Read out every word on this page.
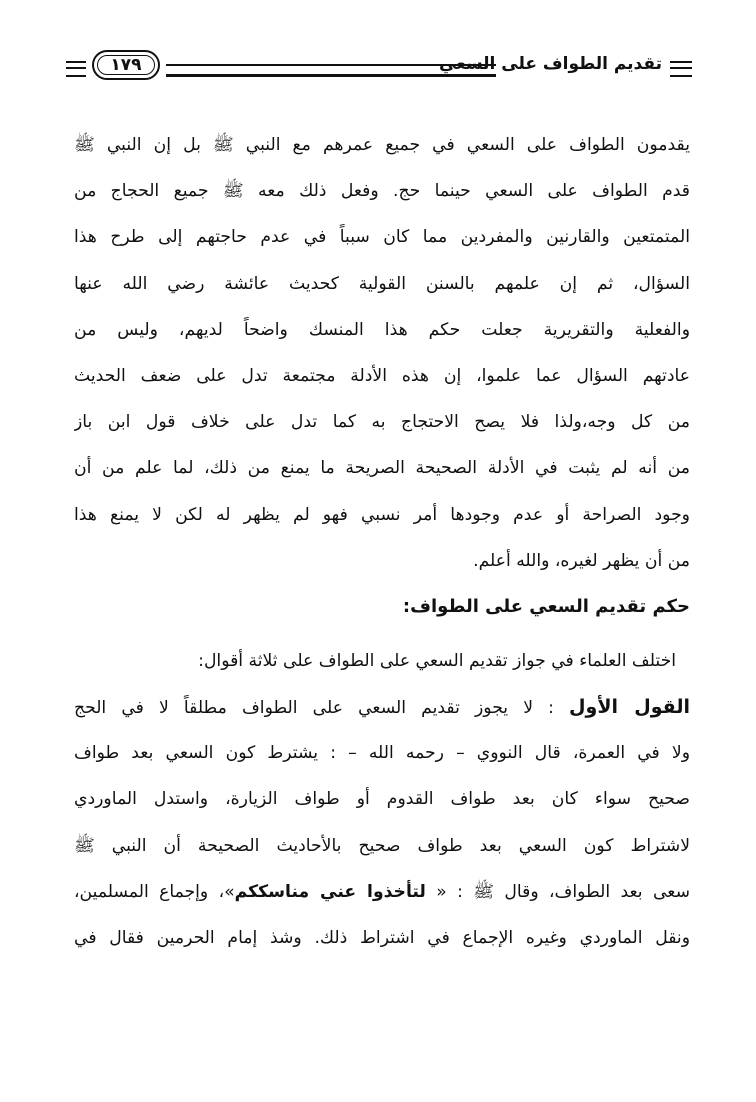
تقديم الطواف على السعي
١٧٩
يقدمون الطواف على السعي في جميع عمرهم مع النبي ﷺ بل إن النبي ﷺ
قدم الطواف على السعي حينما حج. وفعل ذلك معه ﷺ جميع الحجاج من
المتمتعين والقارنين والمفردين مما كان سبباً في عدم حاجتهم إلى طرح هذا
السؤال، ثم إن علمهم بالسنن القولية كحديث عائشة رضي الله عنها
والفعلية والتقريرية جعلت حكم هذا المنسك واضحاً لديهم، وليس من
عادتهم السؤال عما علموا، إن هذه الأدلة مجتمعة تدل على ضعف الحديث
من كل وجه،ولذا فلا يصح الاحتجاج به كما تدل على خلاف قول ابن باز
من أنه لم يثبت في الأدلة الصحيحة الصريحة ما يمنع من ذلك، لما علم من أن
وجود الصراحة أو عدم وجودها أمر نسبي فهو لم يظهر له لكن لا يمنع هذا
من أن يظهر لغيره، والله أعلم.
حكم تقديم السعي على الطواف:
اختلف العلماء في جواز تقديم السعي على الطواف على ثلاثة أقوال:
القول الأول : لا يجوز تقديم السعي على الطواف مطلقاً لا في الحج
ولا في العمرة، قال النووي – رحمه الله – : يشترط كون السعي بعد طواف
صحيح سواء كان بعد طواف القدوم أو طواف الزيارة، واستدل الماوردي
لاشتراط كون السعي بعد طواف صحيح بالأحاديث الصحيحة أن النبي ﷺ
سعى بعد الطواف، وقال ﷺ : « لتأخذوا عني مناسككم»، وإجماع المسلمين،
ونقل الماوردي وغيره الإجماع في اشتراط ذلك. وشذ إمام الحرمين فقال في
